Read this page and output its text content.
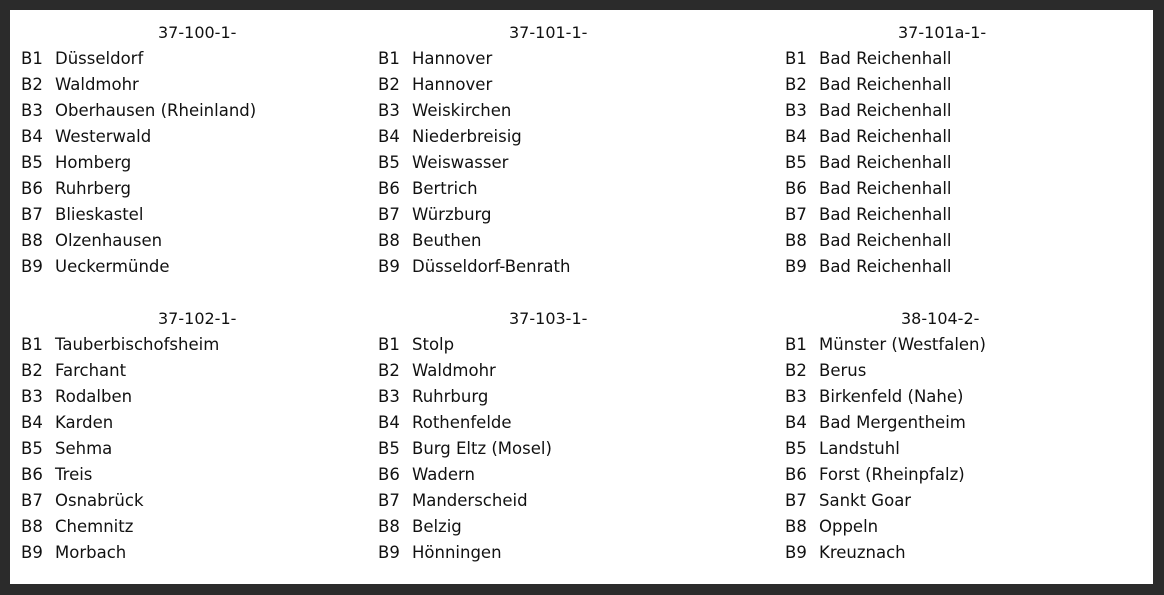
37-100-1-
B1 Düsseldorf
B2 Waldmohr
B3 Oberhausen (Rheinland)
B4 Westerwald
B5 Homberg
B6 Ruhrberg
B7 Blieskastel
B8 Olzenhausen
B9 Ueckermünde
37-101-1-
B1 Hannover
B2 Hannover
B3 Weiskirchen
B4 Niederbreisig
B5 Weiswasser
B6 Bertrich
B7 Würzburg
B8 Beuthen
B9 Düsseldorf-Benrath
37-101a-1-
B1 Bad Reichenhall
B2 Bad Reichenhall
B3 Bad Reichenhall
B4 Bad Reichenhall
B5 Bad Reichenhall
B6 Bad Reichenhall
B7 Bad Reichenhall
B8 Bad Reichenhall
B9 Bad Reichenhall
37-102-1-
B1 Tauberbischofsheim
B2 Farchant
B3 Rodalben
B4 Karden
B5 Sehma
B6 Treis
B7 Osnabrück
B8 Chemnitz
B9 Morbach
37-103-1-
B1 Stolp
B2 Waldmohr
B3 Ruhrburg
B4 Rothenfelde
B5 Burg Eltz (Mosel)
B6 Wadern
B7 Manderscheid
B8 Belzig
B9 Hönningen
38-104-2-
B1 Münster (Westfalen)
B2 Berus
B3 Birkenfeld (Nahe)
B4 Bad Mergentheim
B5 Landstuhl
B6 Forst (Rheinpfalz)
B7 Sankt Goar
B8 Oppeln
B9 Kreuznach
